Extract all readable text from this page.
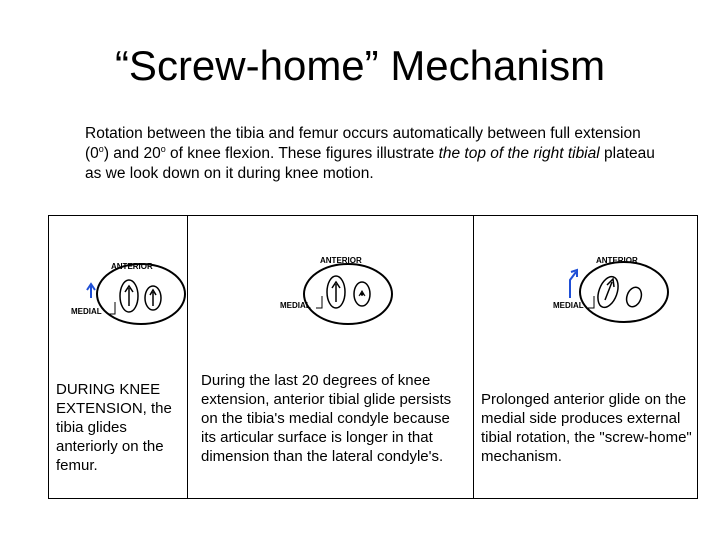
“Screw-home” Mechanism
Rotation between the tibia and femur occurs automatically between full extension (0$^o$) and 20$^o$ of knee flexion. These figures illustrate the top of the right tibial plateau as we look down on it during knee motion.
ANTERIOR
MEDIAL
ANTERIOR
MEDIAL
ANTERIOR
MEDIAL
DURING KNEE EXTENSION, the tibia glides anteriorly on the femur.
During the last 20 degrees of knee extension, anterior tibial glide persists on the tibia's medial condyle because its articular surface is longer in that dimension than the lateral condyle's.
Prolonged anterior glide on the medial side produces external tibial rotation, the "screw-home" mechanism.
